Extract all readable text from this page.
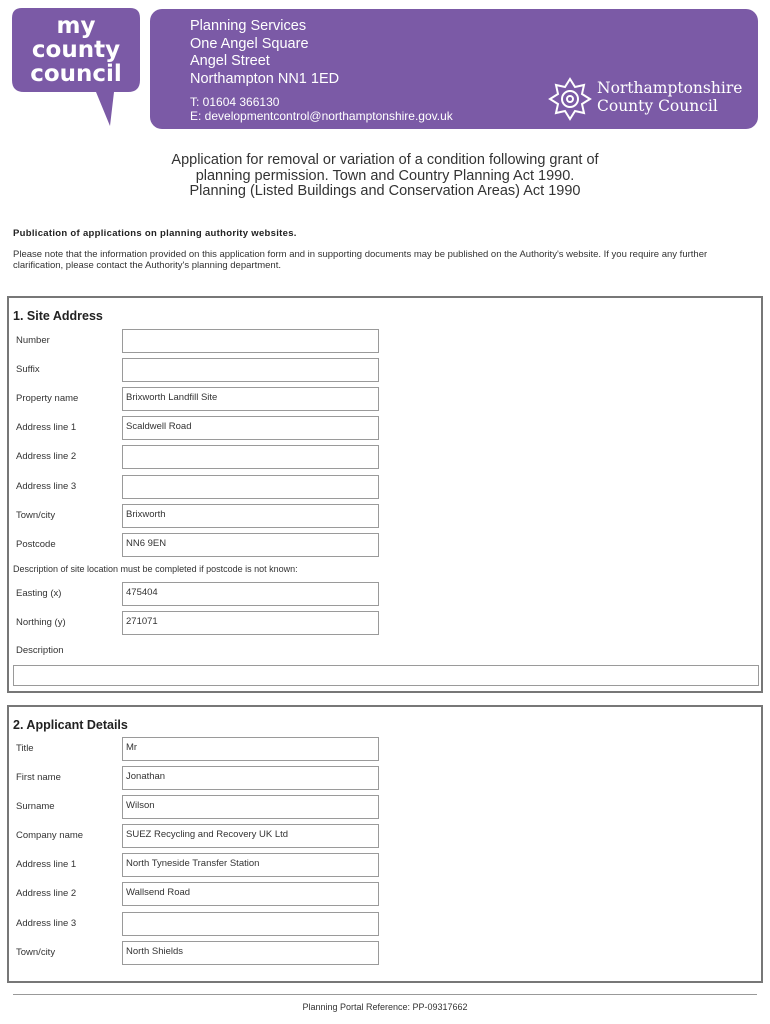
my
county
council
Planning Services
One Angel Square
Angel Street
Northampton NN1 1ED
T: 01604 366130
E: developmentcontrol@northamptonshire.gov.uk
Northamptonshire
County Council
Application for removal or variation of a condition following grant of
planning permission. Town and Country Planning Act 1990.
Planning (Listed Buildings and Conservation Areas) Act 1990
Publication of applications on planning authority websites.
Please note that the information provided on this application form and in supporting documents may be published on the Authority's website. If you require any further clarification, please contact the Authority's planning department.
1. Site Address
Number
Suffix
Property name	Brixworth Landfill Site
Address line 1	Scaldwell Road
Address line 2
Address line 3
Town/city	Brixworth
Postcode	NN6 9EN
Description of site location must be completed if postcode is not known:
Easting (x)	475404
Northing (y)	271071
Description
2. Applicant Details
Title	Mr
First name	Jonathan
Surname	Wilson
Company name	SUEZ Recycling and Recovery UK Ltd
Address line 1	North Tyneside Transfer Station
Address line 2	Wallsend Road
Address line 3
Town/city	North Shields
Planning Portal Reference: PP-09317662
